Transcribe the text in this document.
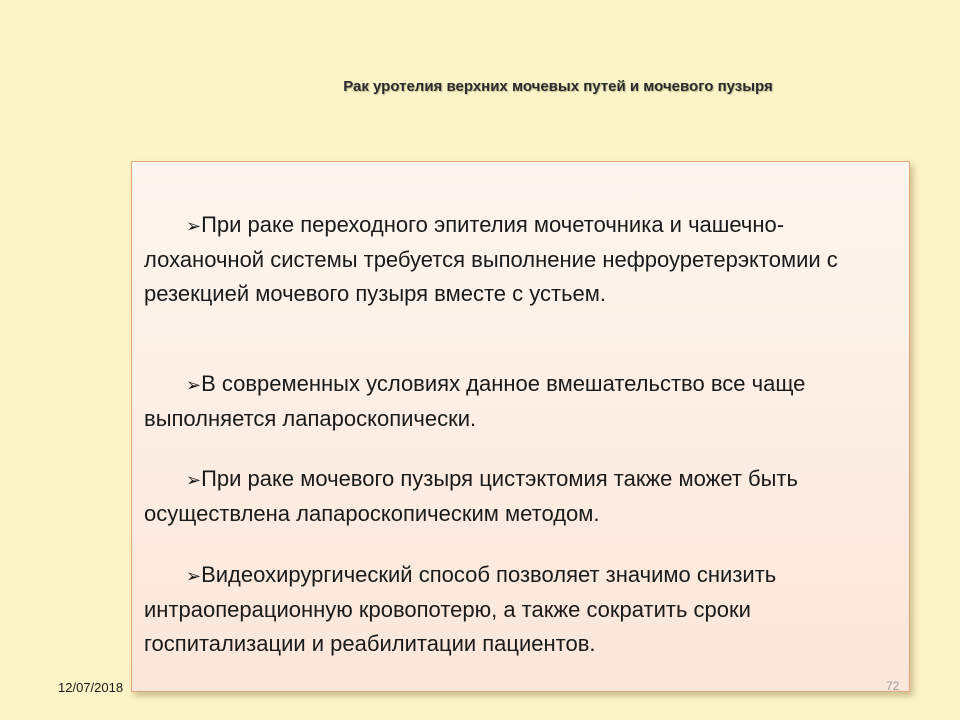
Рак уротелия верхних мочевых путей и мочевого пузыря

➢При раке переходного эпителия мочеточника и чашечно-лоханочной системы требуется выполнение нефроуретерэктомии с резекцией мочевого пузыря вместе с устьем.

➢В современных условиях данное вмешательство все чаще выполняется лапароскопически.

➢При раке мочевого пузыря цистэктомия также может быть осуществлена лапароскопическим методом.

➢Видеохирургический способ позволяет значимо снизить интраоперационную кровопотерю, а также сократить сроки госпитализации и реабилитации пациентов.

12/07/2018	72
